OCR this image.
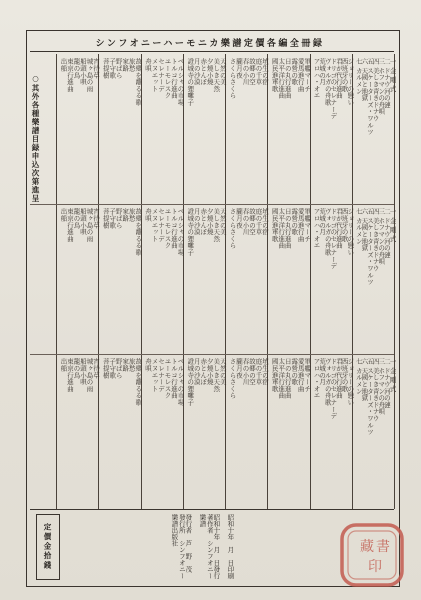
シンフオニーハーモニカ樂譜定價各編全冊録
一 金 剛 式
一 金 剛 式
一 金 剛 式
二 ドナウ河の漣
二 ドナウ河の漣
二 ドナウ河の漣
三 ホフマンの舟唄
三 ホフマンの舟唄
三 ホフマンの舟唄
四 美しき青きドナウ
四 美しき青きドナウ
四 美しき青きドナウ
五 スケーターズ・ワルツ
五 スケーターズ・ワルツ
五 スケーターズ・ワルツ
六 天國と地獄
六 天國と地獄
六 天國と地獄
七 カルメン
七 カルメン
七 カルメン
ジョリーの戀い
ジョリーの戀い
ジョリーの戀い
西班牙の歌
西班牙の歌
西班牙の歌
君が代行進曲
君が代行進曲
君が代行進曲
ドリゴのセレナーデ
ドリゴのセレナーデ
ドリゴのセレナーデ
ヴォルガの舟歌
ヴォルガの舟歌
ヴォルガの舟歌
荒城の月
荒城の月
荒城の月
アロハ・オエ
アロハ・オエ
アロハ・オエ
軍艦マーチ
軍艦マーチ
軍艦マーチ
愛馬進行曲
愛馬進行曲
愛馬進行曲
露營の歌
露營の歌
露營の歌
日の丸行進曲
日の丸行進曲
日の丸行進曲
太平洋行進曲
太平洋行進曲
太平洋行進曲
國民進軍歌
國民進軍歌
國民進軍歌
埴生の宿
埴生の宿
埴生の宿
庭の千草
庭の千草
庭の千草
故郷の空
故郷の空
故郷の空
春の小川
春の小川
春の小川
朧月夜
朧月夜
朧月夜
さくらさくら
さくらさくら
さくらさくら
天然の美
天然の美
天然の美
美しき天然
美しき天然
美しき天然
夕燒小燒
夕燒小燒
夕燒小燒
赤とんぼ
赤とんぼ
赤とんぼ
月の沙漠
月の沙漠
月の沙漠
證城寺の狸囃子
證城寺の狸囃子
證城寺の狸囃子
ペルシャの市場
ペルシャの市場
ペルシャの市場
トルコ行進曲
トルコ行進曲
トルコ行進曲
ユーモレスク
ユーモレスク
ユーモレスク
セレナーデ
セレナーデ
セレナーデ
メヌエット
メヌエット
メヌエット
舟唄
舟唄
舟唄
故郷を離るる歌
故郷を離るる歌
故郷を離るる歌
旅愁
旅愁
旅愁
家路
家路
家路
野ばら
野ばら
野ばら
子守歌
子守歌
子守歌
菩提樹
菩提樹
菩提樹
宵待草
宵待草
宵待草
城ヶ島の雨
城ヶ島の雨
城ヶ島の雨
船頭小唄
船頭小唄
船頭小唄
籠の鳥
籠の鳥
籠の鳥
東京行進曲
東京行進曲
東京行進曲
出船
出船
出船
○其外各種樂譜目録申込次第進呈
定價金拾錢	昭和十年　月　日印刷
昭和十年　月　日發行
著作者　シンフオニー樂譜
發行者　芦　野　茂
發行所　シンフオニー樂譜出版社
藏 書
印
